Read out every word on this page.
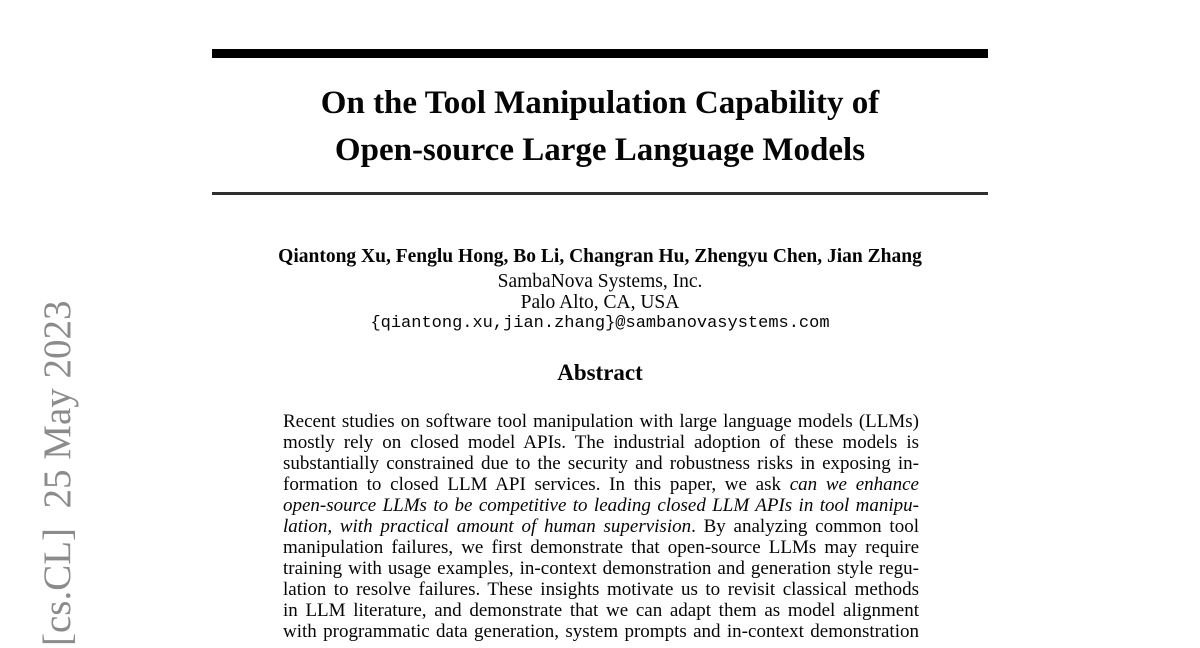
[cs.CL]  25 May 2023
On the Tool Manipulation Capability of
Open-source Large Language Models
Qiantong Xu, Fenglu Hong, Bo Li, Changran Hu, Zhengyu Chen, Jian Zhang
SambaNova Systems, Inc.
Palo Alto, CA, USA
{qiantong.xu,jian.zhang}@sambanovasystems.com
Abstract
Recent studies on software tool manipulation with large language models (LLMs)
mostly rely on closed model APIs. The industrial adoption of these models is
substantially constrained due to the security and robustness risks in exposing in-
formation to closed LLM API services. In this paper, we ask can we enhance
open-source LLMs to be competitive to leading closed LLM APIs in tool manipu-
lation, with practical amount of human supervision. By analyzing common tool
manipulation failures, we first demonstrate that open-source LLMs may require
training with usage examples, in-context demonstration and generation style regu-
lation to resolve failures. These insights motivate us to revisit classical methods
in LLM literature, and demonstrate that we can adapt them as model alignment
with programmatic data generation, system prompts and in-context demonstration
